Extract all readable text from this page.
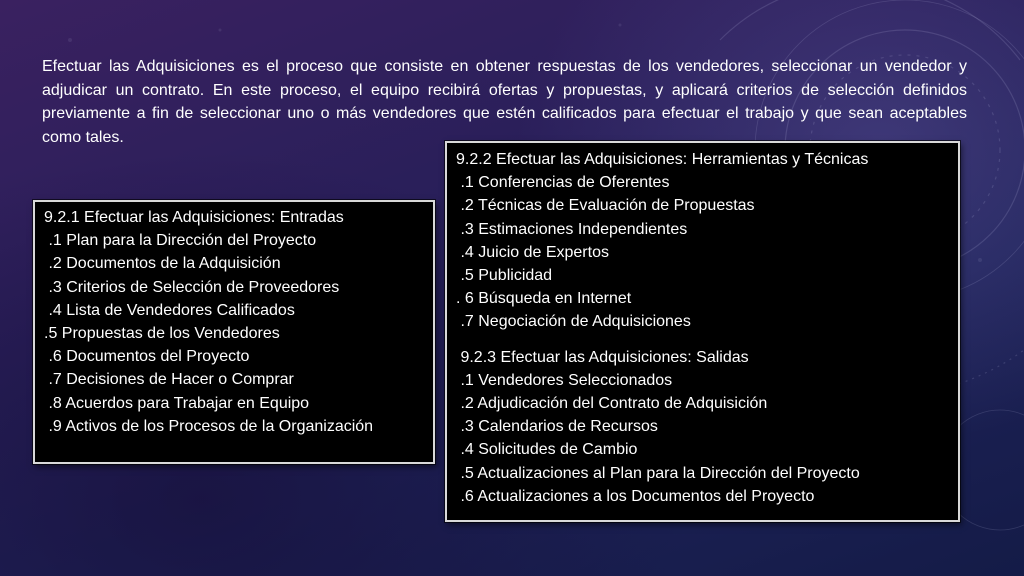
Efectuar las Adquisiciones es el proceso que consiste en obtener respuestas de los vendedores, seleccionar un vendedor y adjudicar un contrato. En este proceso, el equipo recibirá ofertas y propuestas, y aplicará criterios de selección definidos previamente a fin de seleccionar uno o más vendedores que estén calificados para efectuar el trabajo y que sean aceptables como tales.

9.2.1 Efectuar las Adquisiciones: Entradas
.1 Plan para la Dirección del Proyecto
.2 Documentos de la Adquisición
.3 Criterios de Selección de Proveedores
.4 Lista de Vendedores Calificados
.5 Propuestas de los Vendedores
.6 Documentos del Proyecto
.7 Decisiones de Hacer o Comprar
.8 Acuerdos para Trabajar en Equipo
.9 Activos de los Procesos de la Organización
9.2.2 Efectuar las Adquisiciones: Herramientas y Técnicas
.1 Conferencias de Oferentes
.2 Técnicas de Evaluación de Propuestas
.3 Estimaciones Independientes
.4 Juicio de Expertos
.5 Publicidad
. 6 Búsqueda en Internet
.7 Negociación de Adquisiciones
9.2.3 Efectuar las Adquisiciones: Salidas
.1 Vendedores Seleccionados
.2 Adjudicación del Contrato de Adquisición
.3 Calendarios de Recursos
.4 Solicitudes de Cambio
.5 Actualizaciones al Plan para la Dirección del Proyecto
.6 Actualizaciones a los Documentos del Proyecto
